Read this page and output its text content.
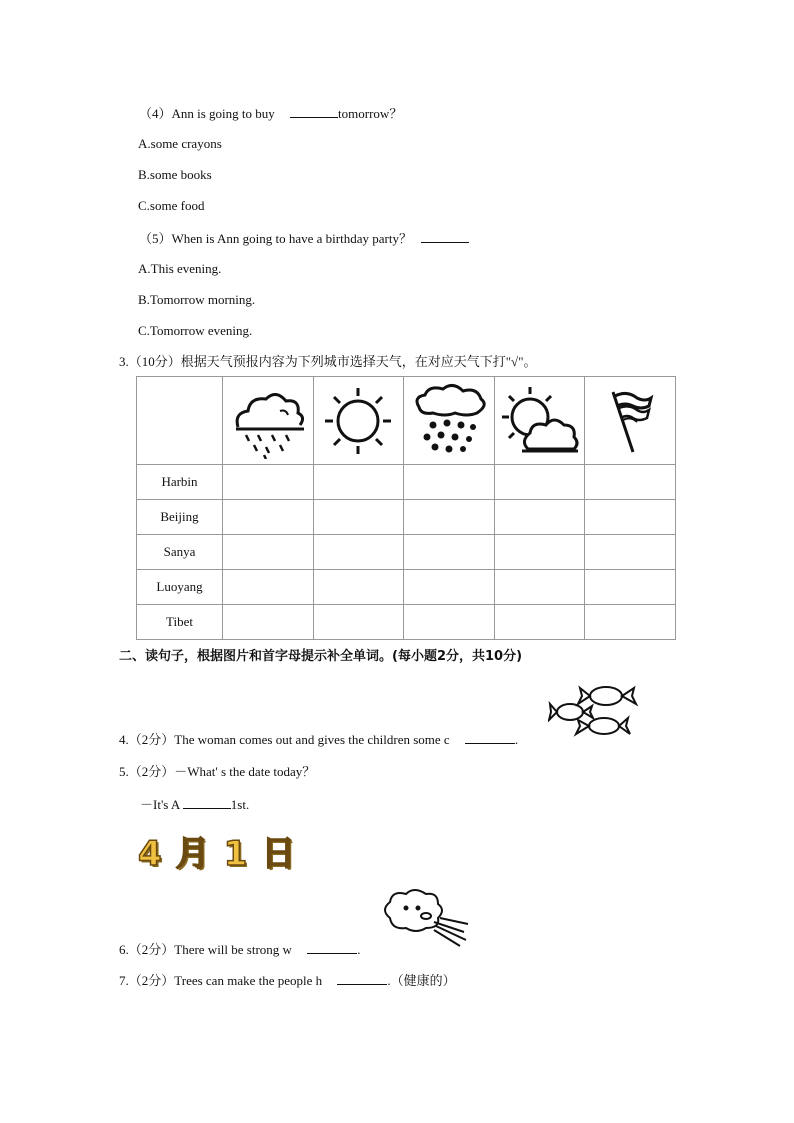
（4）Ann is going to buy	tomorrow？
A.some crayons
B.some books
C.some food
（5）When is Ann going to have a birthday party？
A.This evening.
B.Tomorrow morning.
C.Tomorrow evening.
3.（10分）根据天气预报内容为下列城市选择天气，在对应天气下打"√"。

Harbin					
Beijing					
Sanya					
Luoyang					
Tibet					
二、读句子，根据图片和首字母提示补全单词。(每小题2分，共10分)
4.（2分）The woman comes out and gives the children some c	.
5.（2分）－What' s the date today？
－It's A	1st.
4月1日
6.（2分）There will be strong w	.
7.（2分）Trees can make the people h	.（健康的）
